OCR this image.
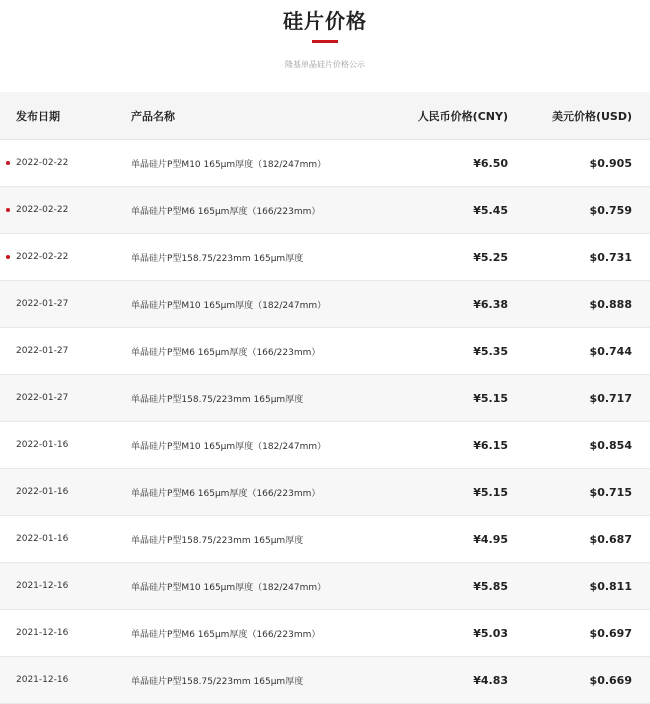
硅片价格
隆基单晶硅片价格公示
发布日期	产品名称	人民币价格(CNY)	美元价格(USD)

2022-02-22	单晶硅片P型M10 165μm厚度（182/247mm）	¥6.50	$0.905

2022-02-22	单晶硅片P型M6 165μm厚度（166/223mm）	¥5.45	$0.759

2022-02-22	单晶硅片P型158.75/223mm 165μm厚度	¥5.25	$0.731
2022-01-27	单晶硅片P型M10 165μm厚度（182/247mm）	¥6.38	$0.888
2022-01-27	单晶硅片P型M6 165μm厚度（166/223mm）	¥5.35	$0.744
2022-01-27	单晶硅片P型158.75/223mm 165μm厚度	¥5.15	$0.717
2022-01-16	单晶硅片P型M10 165μm厚度（182/247mm）	¥6.15	$0.854
2022-01-16	单晶硅片P型M6 165μm厚度（166/223mm）	¥5.15	$0.715
2022-01-16	单晶硅片P型158.75/223mm 165μm厚度	¥4.95	$0.687
2021-12-16	单晶硅片P型M10 165μm厚度（182/247mm）	¥5.85	$0.811
2021-12-16	单晶硅片P型M6 165μm厚度（166/223mm）	¥5.03	$0.697
2021-12-16	单晶硅片P型158.75/223mm 165μm厚度	¥4.83	$0.669
